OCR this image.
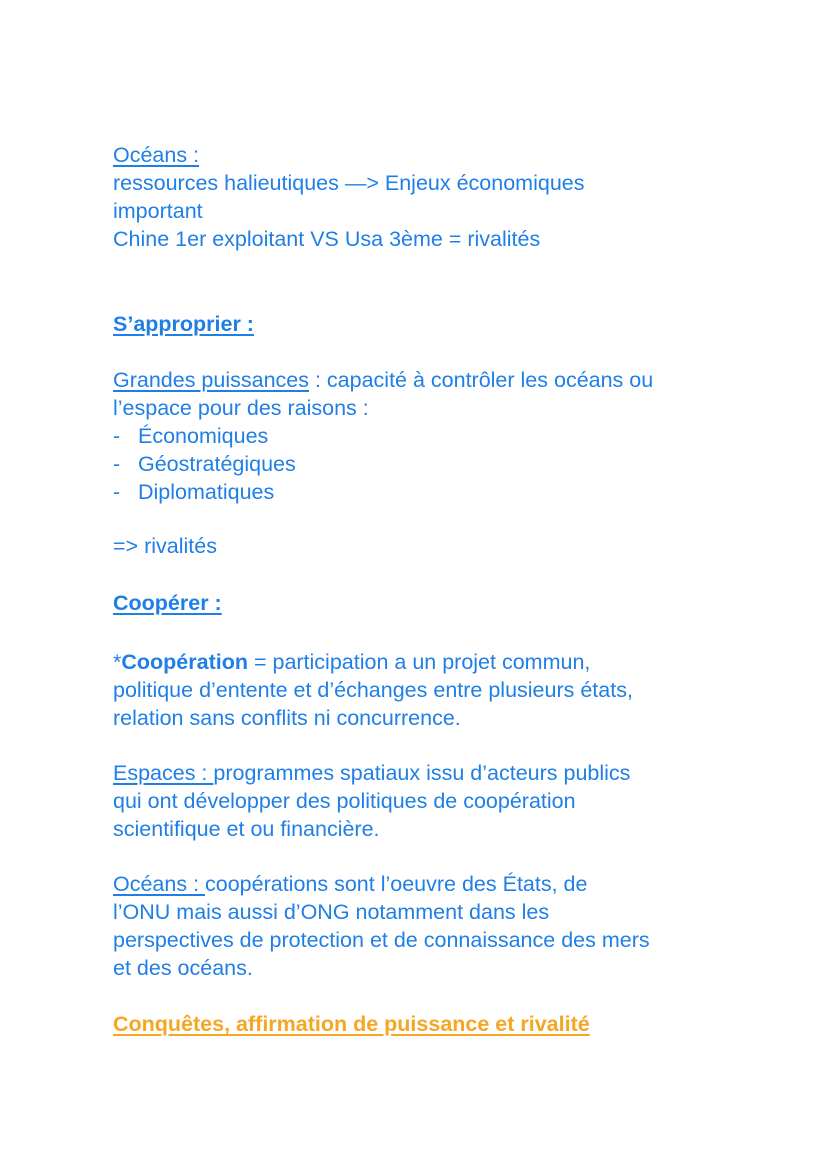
Océans :
ressources halieutiques —> Enjeux économiques
important
Chine 1er exploitant VS Usa 3ème = rivalités
S’approprier :
Grandes puissances : capacité à contrôler les océans ou
l’espace pour des raisons :
- Économiques
- Géostratégiques
- Diplomatiques
=> rivalités
Coopérer :
*Coopération = participation a un projet commun,
politique d’entente et d’échanges entre plusieurs états,
relation sans conflits ni concurrence.
Espaces : programmes spatiaux issu d’acteurs publics
qui ont développer des politiques de coopération
scientifique et ou financière.
Océans : coopérations sont l’oeuvre des États, de
l’ONU mais aussi d’ONG notamment dans les
perspectives de protection et de connaissance des mers
et des océans.
Conquêtes, affirmation de puissance et rivalité
